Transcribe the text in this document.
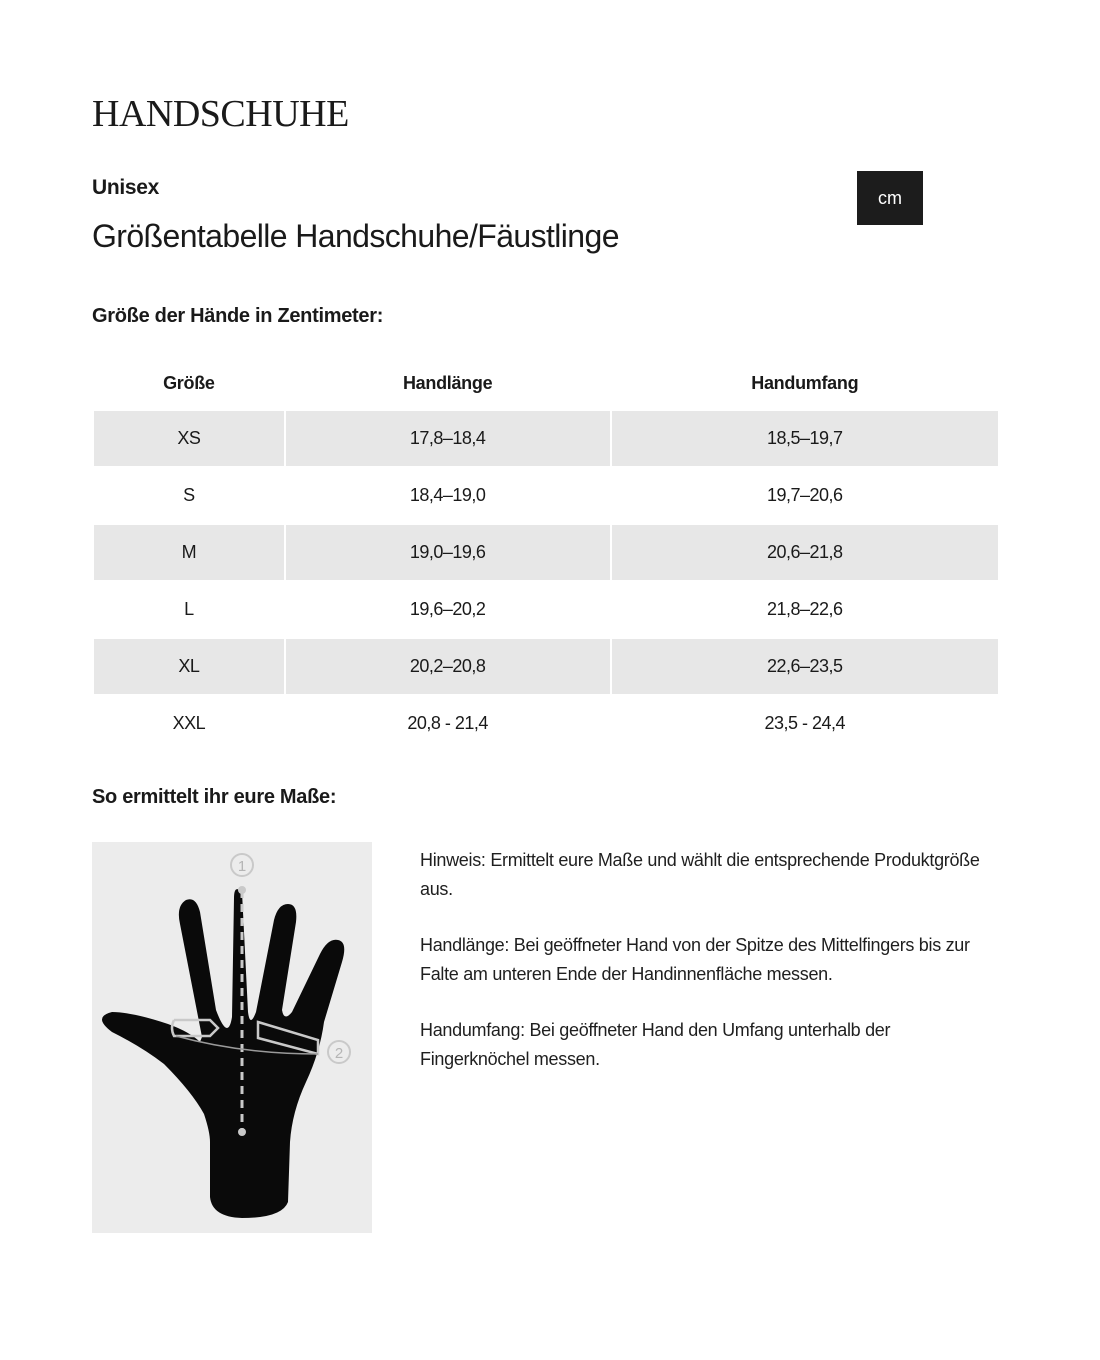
HANDSCHUHE
Unisex
Größentabelle Handschuhe/Fäustlinge
cm
Größe der Hände in Zentimeter:
Größe	Handlänge	Handumfang
XS	17,8–18,4	18,5–19,7
S	18,4–19,0	19,7–20,6
M	19,0–19,6	20,6–21,8
L	19,6–20,2	21,8–22,6
XL	20,2–20,8	22,6–23,5
XXL	20,8 - 21,4	23,5 - 24,4
So ermittelt ihr eure Maße:
1
2

Hinweis: Ermittelt eure Maße und wählt die entsprechende Produktgröße aus.

Handlänge: Bei geöffneter Hand von der Spitze des Mittelfingers bis zur Falte am unteren Ende der Handinnenfläche messen.

Handumfang: Bei geöffneter Hand den Umfang unterhalb der Fingerknöchel messen.
